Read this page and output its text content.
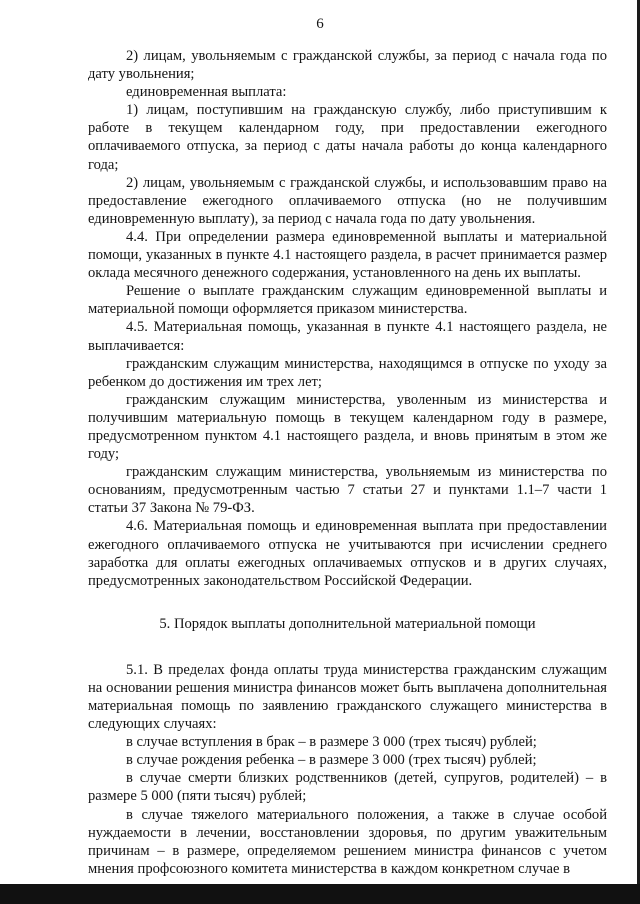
6

2) лицам, увольняемым с гражданской службы, за период с начала года по дату увольнения;

единовременная выплата:

1) лицам, поступившим на гражданскую службу, либо приступившим к работе в текущем календарном году, при предоставлении ежегодного оплачиваемого отпуска, за период с даты начала работы до конца календарного года;

2) лицам, увольняемым с гражданской службы, и использовавшим право на предоставление ежегодного оплачиваемого отпуска (но не получившим единовременную выплату), за период с начала года по дату увольнения.

4.4. При определении размера единовременной выплаты и материальной помощи, указанных в пункте 4.1 настоящего раздела, в расчет принимается размер оклада месячного денежного содержания, установленного на день их выплаты.

Решение о выплате гражданским служащим единовременной выплаты и материальной помощи оформляется приказом министерства.

4.5. Материальная помощь, указанная в пункте 4.1 настоящего раздела, не выплачивается:

гражданским служащим министерства, находящимся в отпуске по уходу за ребенком до достижения им трех лет;

гражданским служащим министерства, уволенным из министерства и получившим материальную помощь в текущем календарном году в размере, предусмотренном пунктом 4.1 настоящего раздела, и вновь принятым в этом же году;

гражданским служащим министерства, увольняемым из министерства по основаниям, предусмотренным частью 7 статьи 27 и пунктами 1.1–7 части 1 статьи 37 Закона № 79-ФЗ.

4.6. Материальная помощь и единовременная выплата при предоставлении ежегодного оплачиваемого отпуска не учитываются при исчислении среднего заработка для оплаты ежегодных оплачиваемых отпусков и в других случаях, предусмотренных законодательством Российской Федерации.

5. Порядок выплаты дополнительной материальной помощи

5.1. В пределах фонда оплаты труда министерства гражданским служащим на основании решения министра финансов может быть выплачена дополнительная материальная помощь по заявлению гражданского служащего министерства в следующих случаях:

в случае вступления в брак – в размере 3 000 (трех тысяч) рублей;

в случае рождения ребенка – в размере 3 000 (трех тысяч) рублей;

в случае смерти близких родственников (детей, супругов, родителей) – в размере 5 000 (пяти тысяч) рублей;

в случае тяжелого материального положения, а также в случае особой нуждаемости в лечении, восстановлении здоровья, по другим уважительным причинам – в размере, определяемом решением министра финансов с учетом мнения профсоюзного комитета министерства в каждом конкретном случае в
